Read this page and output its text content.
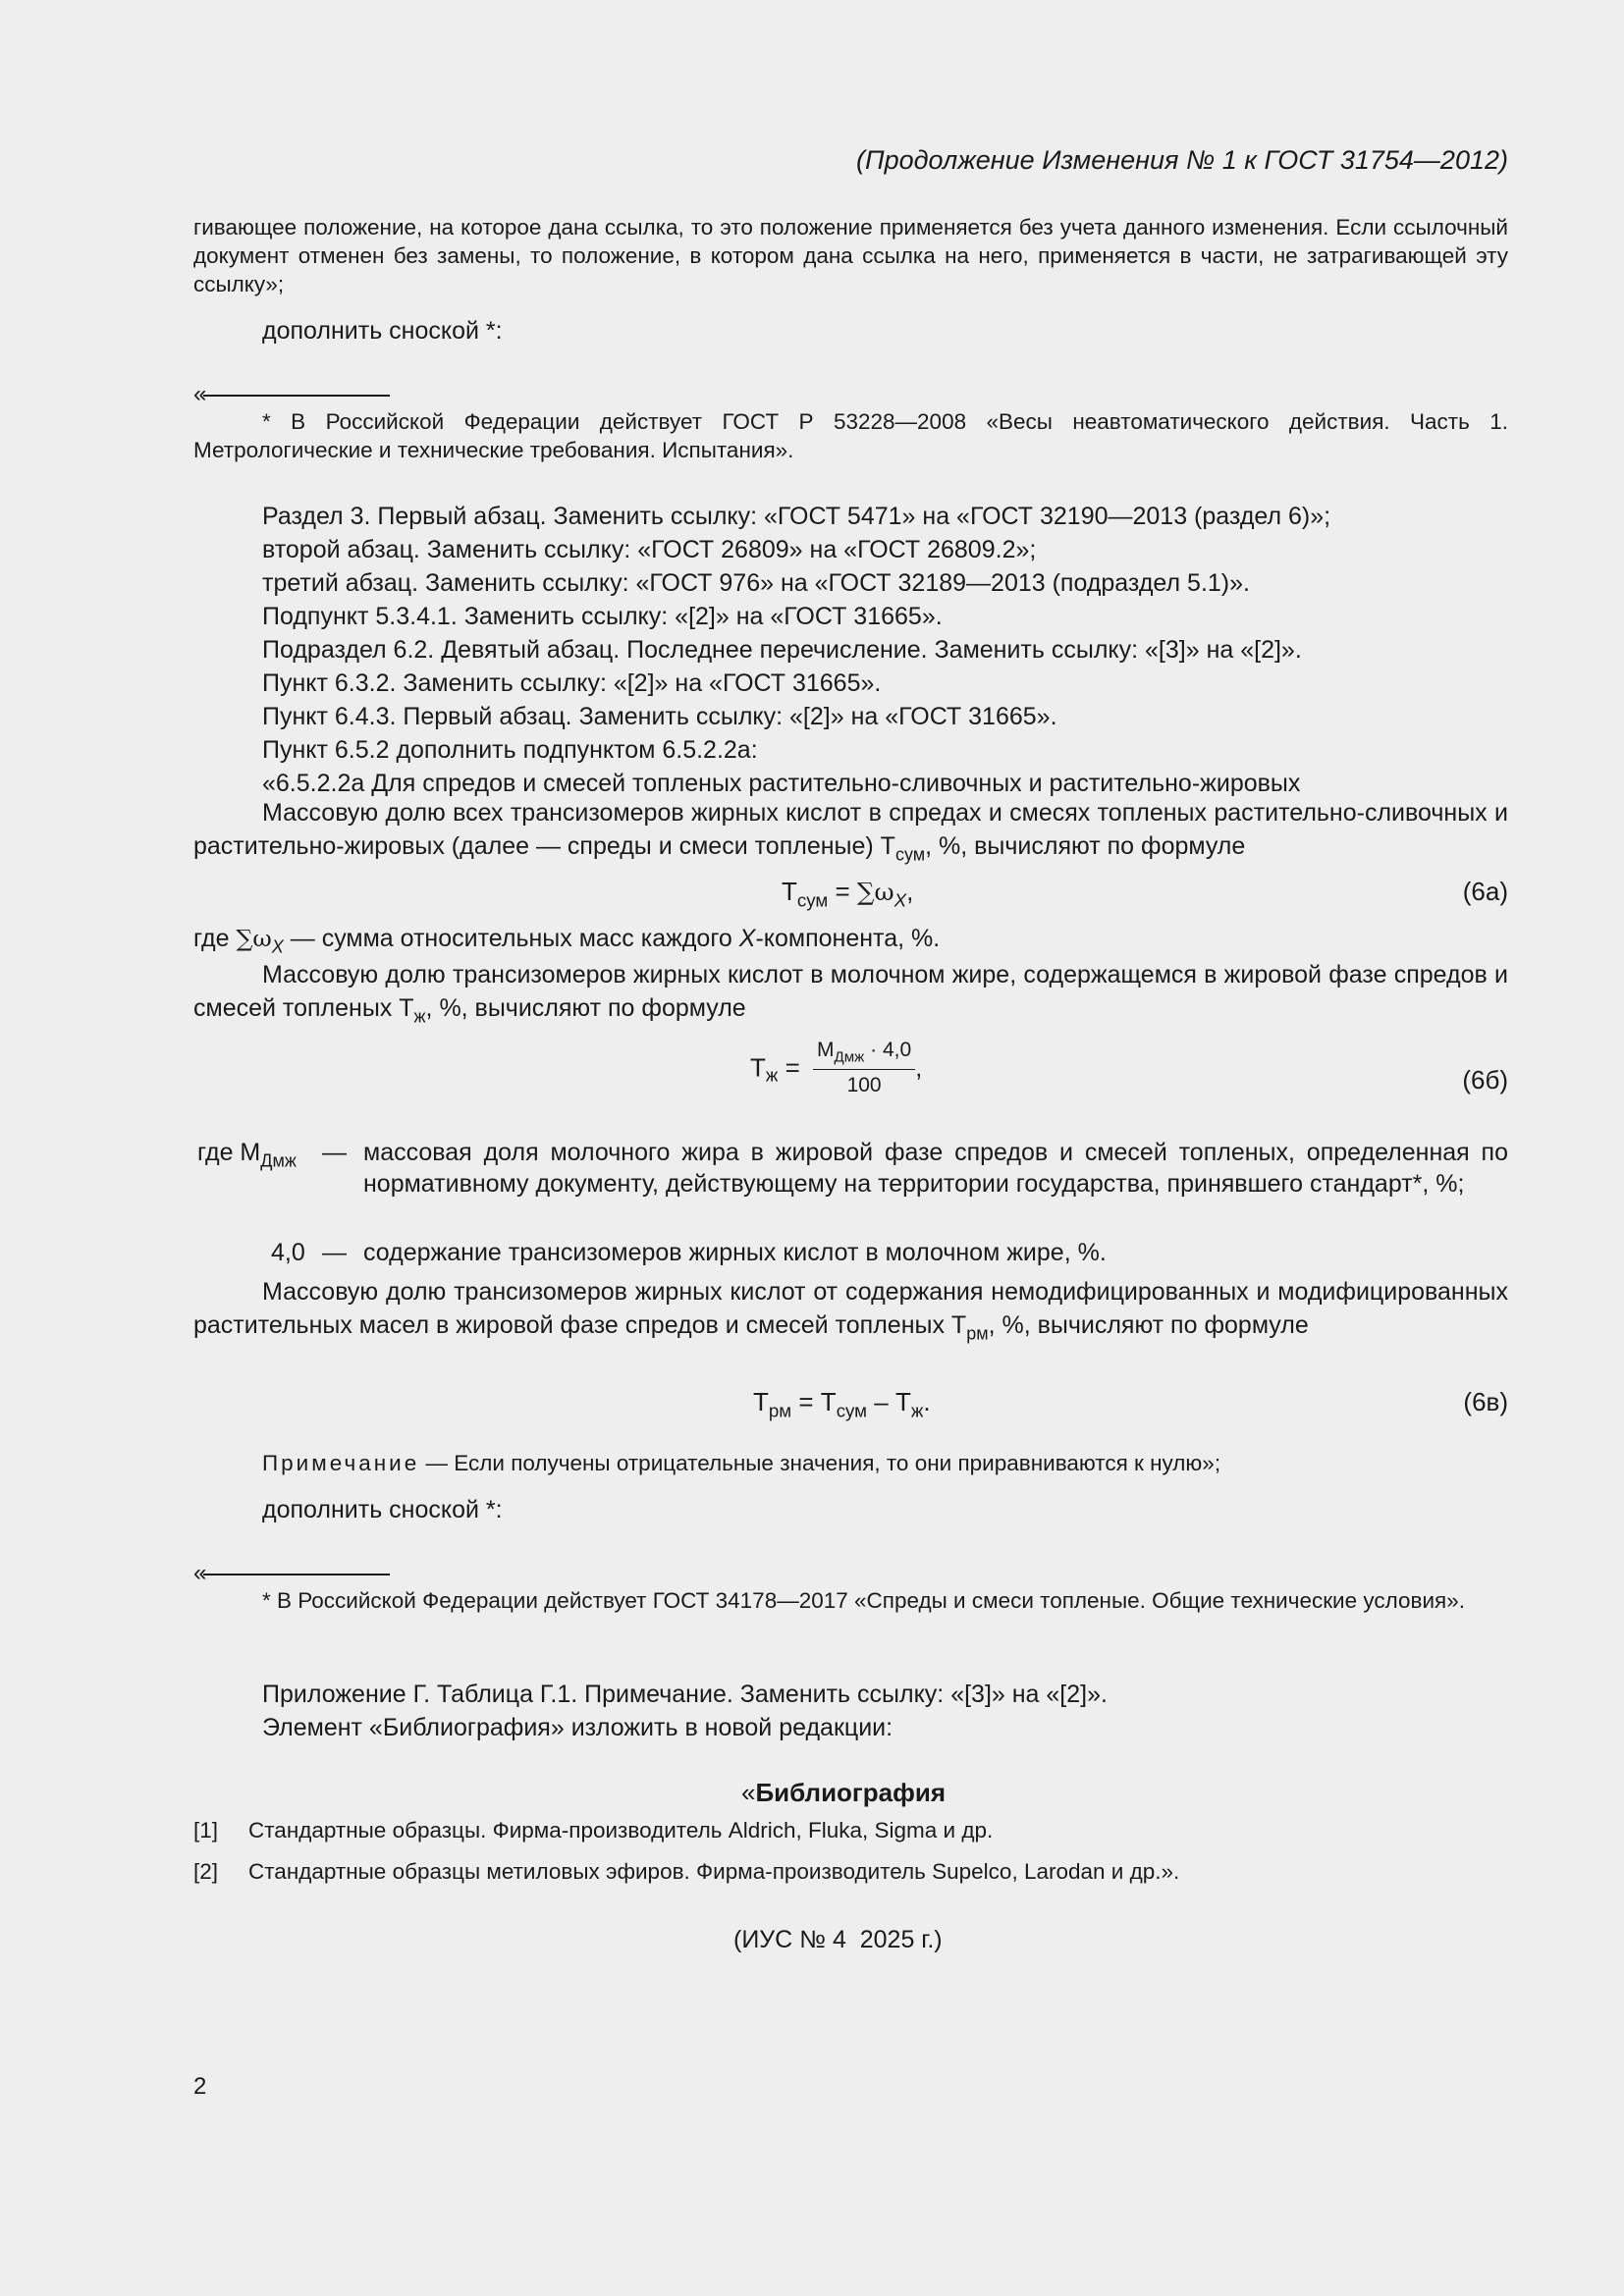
(Продолжение Изменения № 1 к ГОСТ 31754—2012)
гивающее положение, на которое дана ссылка, то это положение применяется без учета данного изменения. Если ссылочный документ отменен без замены, то положение, в котором дана ссылка на него, применяется в части, не затрагивающей эту ссылку»;
дополнить сноской *:
«
* В Российской Федерации действует ГОСТ Р 53228—2008 «Весы неавтоматического действия. Часть 1. Метрологические и технические требования. Испытания».
Раздел 3. Первый абзац. Заменить ссылку: «ГОСТ 5471» на «ГОСТ 32190—2013 (раздел 6)»;
второй абзац. Заменить ссылку: «ГОСТ 26809» на «ГОСТ 26809.2»;
третий абзац. Заменить ссылку: «ГОСТ 976» на «ГОСТ 32189—2013 (подраздел 5.1)».
Подпункт 5.3.4.1. Заменить ссылку: «[2]» на «ГОСТ 31665».
Подраздел 6.2. Девятый абзац. Последнее перечисление. Заменить ссылку: «[3]» на «[2]».
Пункт 6.3.2. Заменить ссылку: «[2]» на «ГОСТ 31665».
Пункт 6.4.3. Первый абзац. Заменить ссылку: «[2]» на «ГОСТ 31665».
Пункт 6.5.2 дополнить подпунктом 6.5.2.2а:
«6.5.2.2а Для спредов и смесей топленых растительно-сливочных и растительно-жировых
Массовую долю всех трансизомеров жирных кислот в спредах и смесях топленых растительно-сливочных и растительно-жировых (далее — спреды и смеси топленые) $Т_{сум}$, %, вычисляют по формуле
$Т_{сум} = \sum\omega_X$,	(6а)
где $\sum\omega_X$ — сумма относительных масс каждого X-компонента, %.
Массовую долю трансизомеров жирных кислот в молочном жире, содержащемся в жировой фазе спредов и смесей топленых $Т_ж$, %, вычисляют по формуле
$Т_ж = \frac{М_{Дмж} \cdot 4,0}{100}$ ,	(6б)
где $М_{Дмж}$ — массовая доля молочного жира в жировой фазе спредов и смесей топленых, определенная по нормативному документу, действующему на территории государства, принявшего стандарт*, %;
4,0 — содержание трансизомеров жирных кислот в молочном жире, %.
Массовую долю трансизомеров жирных кислот от содержания немодифицированных и модифицированных растительных масел в жировой фазе спредов и смесей топленых $Т_{рм}$, %, вычисляют по формуле
$Т_{рм} = Т_{сум} - Т_ж$.	(6в)
Примечание — Если получены отрицательные значения, то они приравниваются к нулю»;
дополнить сноской *:
«
* В Российской Федерации действует ГОСТ 34178—2017 «Спреды и смеси топленые. Общие технические условия».
Приложение Г. Таблица Г.1. Примечание. Заменить ссылку: «[3]» на «[2]».
Элемент «Библиография» изложить в новой редакции:
«Библиография
[1] Стандартные образцы. Фирма-производитель Aldrich, Fluka, Sigma и др.
[2] Стандартные образцы метиловых эфиров. Фирма-производитель Supelco, Larodan и др.».
(ИУС № 4  2025 г.)
2
